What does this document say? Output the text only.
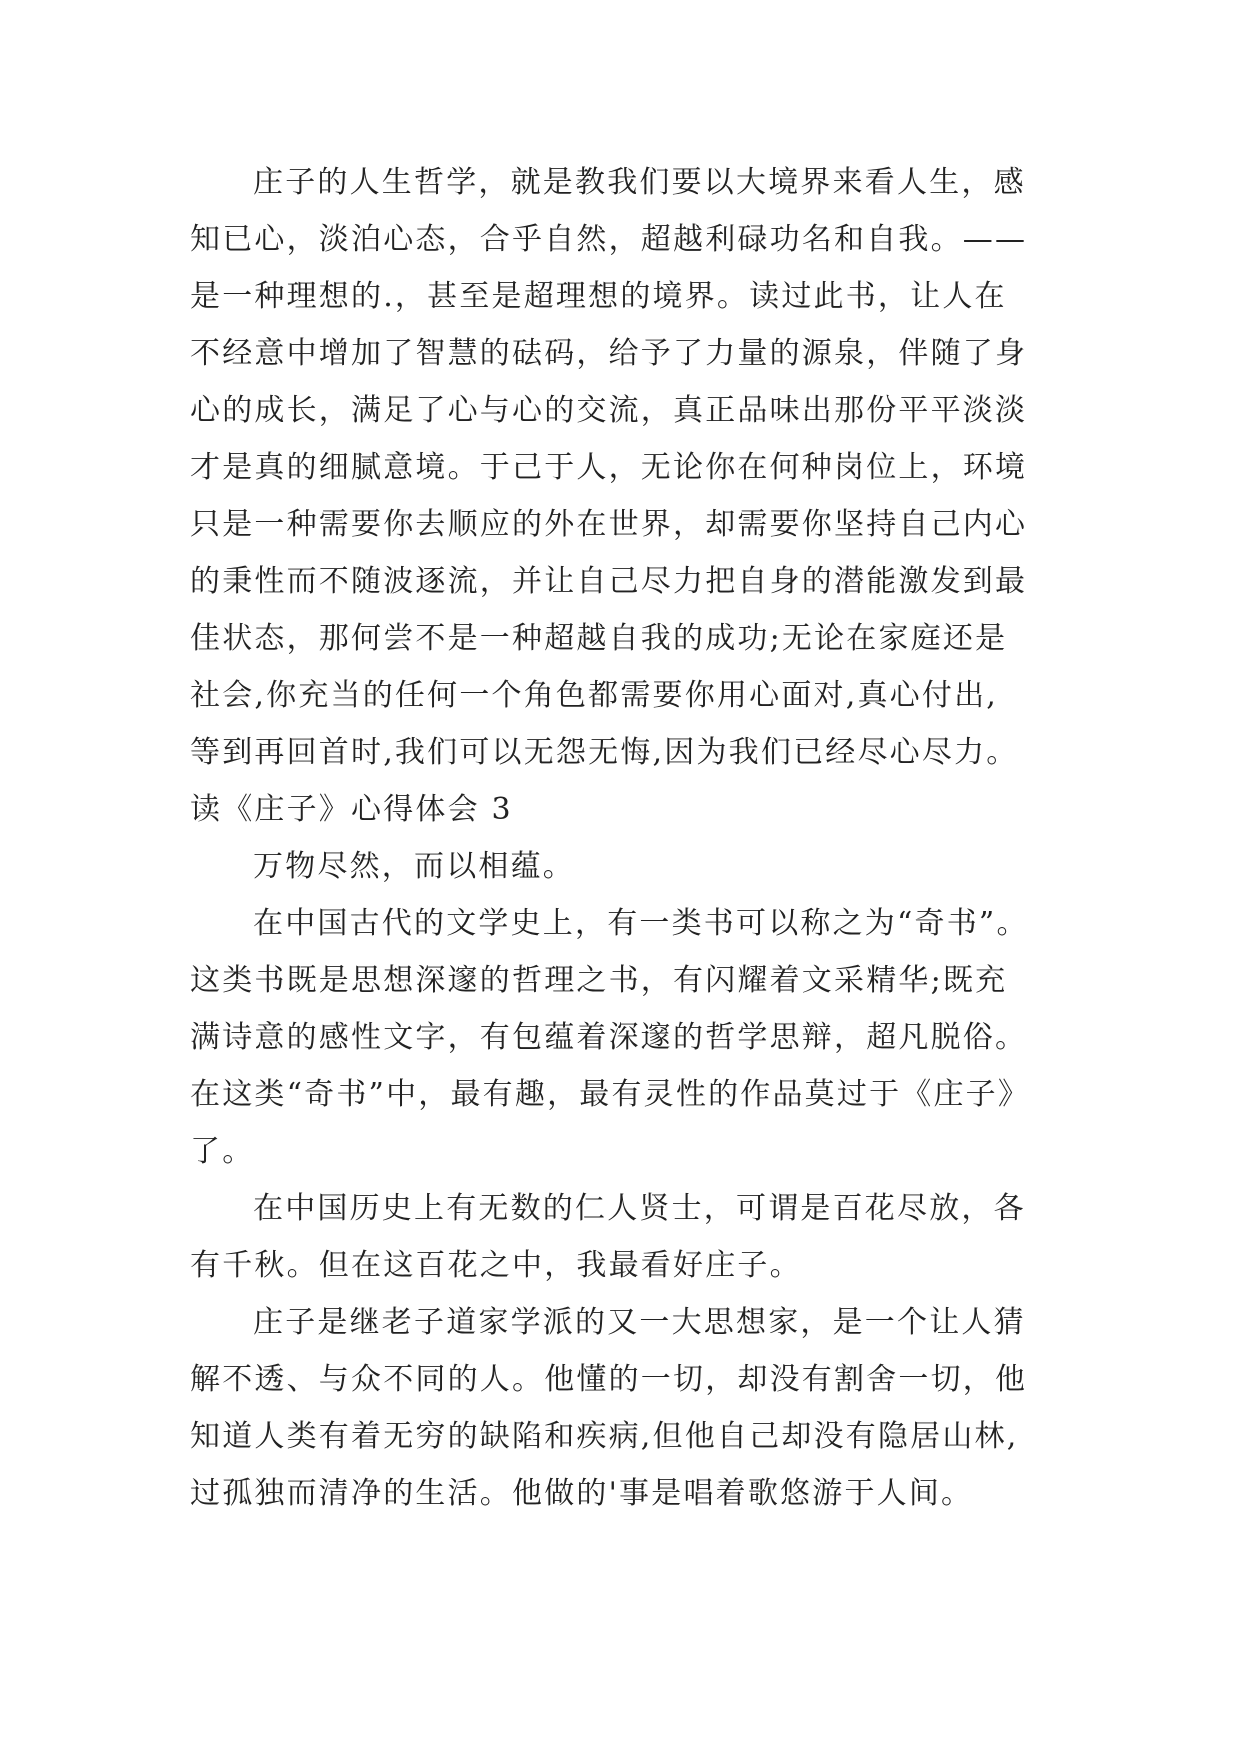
庄子的人生哲学，就是教我们要以大境界来看人生，感
知已心，淡泊心态，合乎自然，超越利碌功名和自我。——
是一种理想的.，甚至是超理想的境界。读过此书，让人在
不经意中增加了智慧的砝码，给予了力量的源泉，伴随了身
心的成长，满足了心与心的交流，真正品味出那份平平淡淡
才是真的细腻意境。于己于人，无论你在何种岗位上，环境
只是一种需要你去顺应的外在世界，却需要你坚持自己内心
的秉性而不随波逐流，并让自己尽力把自身的潜能激发到最
佳状态，那何尝不是一种超越自我的成功;无论在家庭还是
社会,你充当的任何一个角色都需要你用心面对,真心付出,
等到再回首时,我们可以无怨无悔,因为我们已经尽心尽力。
读《庄子》心得体会 3
万物尽然，而以相蕴。
在中国古代的文学史上，有一类书可以称之为“奇书”。
这类书既是思想深邃的哲理之书，有闪耀着文采精华;既充
满诗意的感性文字，有包蕴着深邃的哲学思辩，超凡脱俗。
在这类“奇书”中，最有趣，最有灵性的作品莫过于《庄子》
了。
在中国历史上有无数的仁人贤士，可谓是百花尽放，各
有千秋。但在这百花之中，我最看好庄子。
庄子是继老子道家学派的又一大思想家，是一个让人猜
解不透、与众不同的人。他懂的一切，却没有割舍一切，他
知道人类有着无穷的缺陷和疾病,但他自己却没有隐居山林,
过孤独而清净的生活。他做的'事是唱着歌悠游于人间。
